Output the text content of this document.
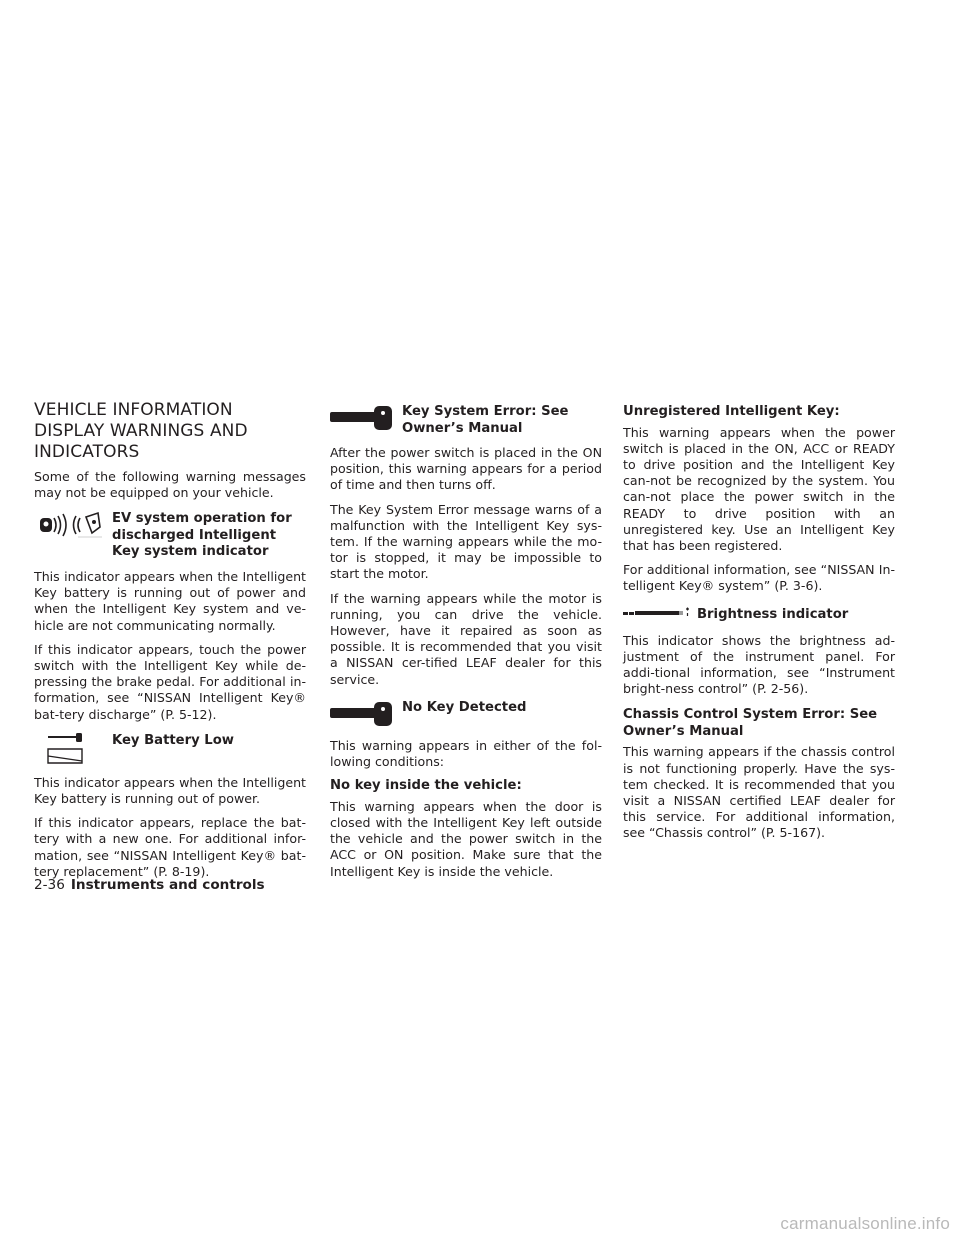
VEHICLE INFORMATION DISPLAY WARNINGS AND INDICATORS

Some of the following warning messages may not be equipped on your vehicle.

EV system operation for discharged Intelligent Key system indicator

This indicator appears when the Intelligent Key battery is running out of power and when the Intelligent Key system and ve-hicle are not communicating normally.

If this indicator appears, touch the power switch with the Intelligent Key while de-pressing the brake pedal. For additional in-formation, see “NISSAN Intelligent Key® bat-tery discharge” (P. 5-12).

Key Battery Low

This indicator appears when the Intelligent Key battery is running out of power.

If this indicator appears, replace the bat-tery with a new one. For additional infor-mation, see “NISSAN Intelligent Key® bat-tery replacement” (P. 8-19).

Key System Error: See Owner’s Manual

After the power switch is placed in the ON position, this warning appears for a period of time and then turns off.

The Key System Error message warns of a malfunction with the Intelligent Key sys-tem. If the warning appears while the mo-tor is stopped, it may be impossible to start the motor.

If the warning appears while the motor is running, you can drive the vehicle. However, have it repaired as soon as possible. It is recommended that you visit a NISSAN cer-tified LEAF dealer for this service.

No Key Detected

This warning appears in either of the fol-lowing conditions:

No key inside the vehicle:

This warning appears when the door is closed with the Intelligent Key left outside the vehicle and the power switch in the ACC or ON position. Make sure that the Intelligent Key is inside the vehicle.

Unregistered Intelligent Key:

This warning appears when the power switch is placed in the ON, ACC or READY to drive position and the Intelligent Key can-not be recognized by the system. You can-not place the power switch in the READY to drive position with an unregistered key. Use an Intelligent Key that has been registered.

For additional information, see “NISSAN In-telligent Key® system” (P. 3-6).

Brightness indicator

This indicator shows the brightness ad-justment of the instrument panel. For addi-tional information, see “Instrument bright-ness control” (P. 2-56).

Chassis Control System Error: See Owner’s Manual

This warning appears if the chassis control is not functioning properly. Have the sys-tem checked. It is recommended that you visit a NISSAN certified LEAF dealer for this service. For additional information, see “Chassis control” (P. 5-167).

2-36 Instruments and controls
carmanualsonline.info
